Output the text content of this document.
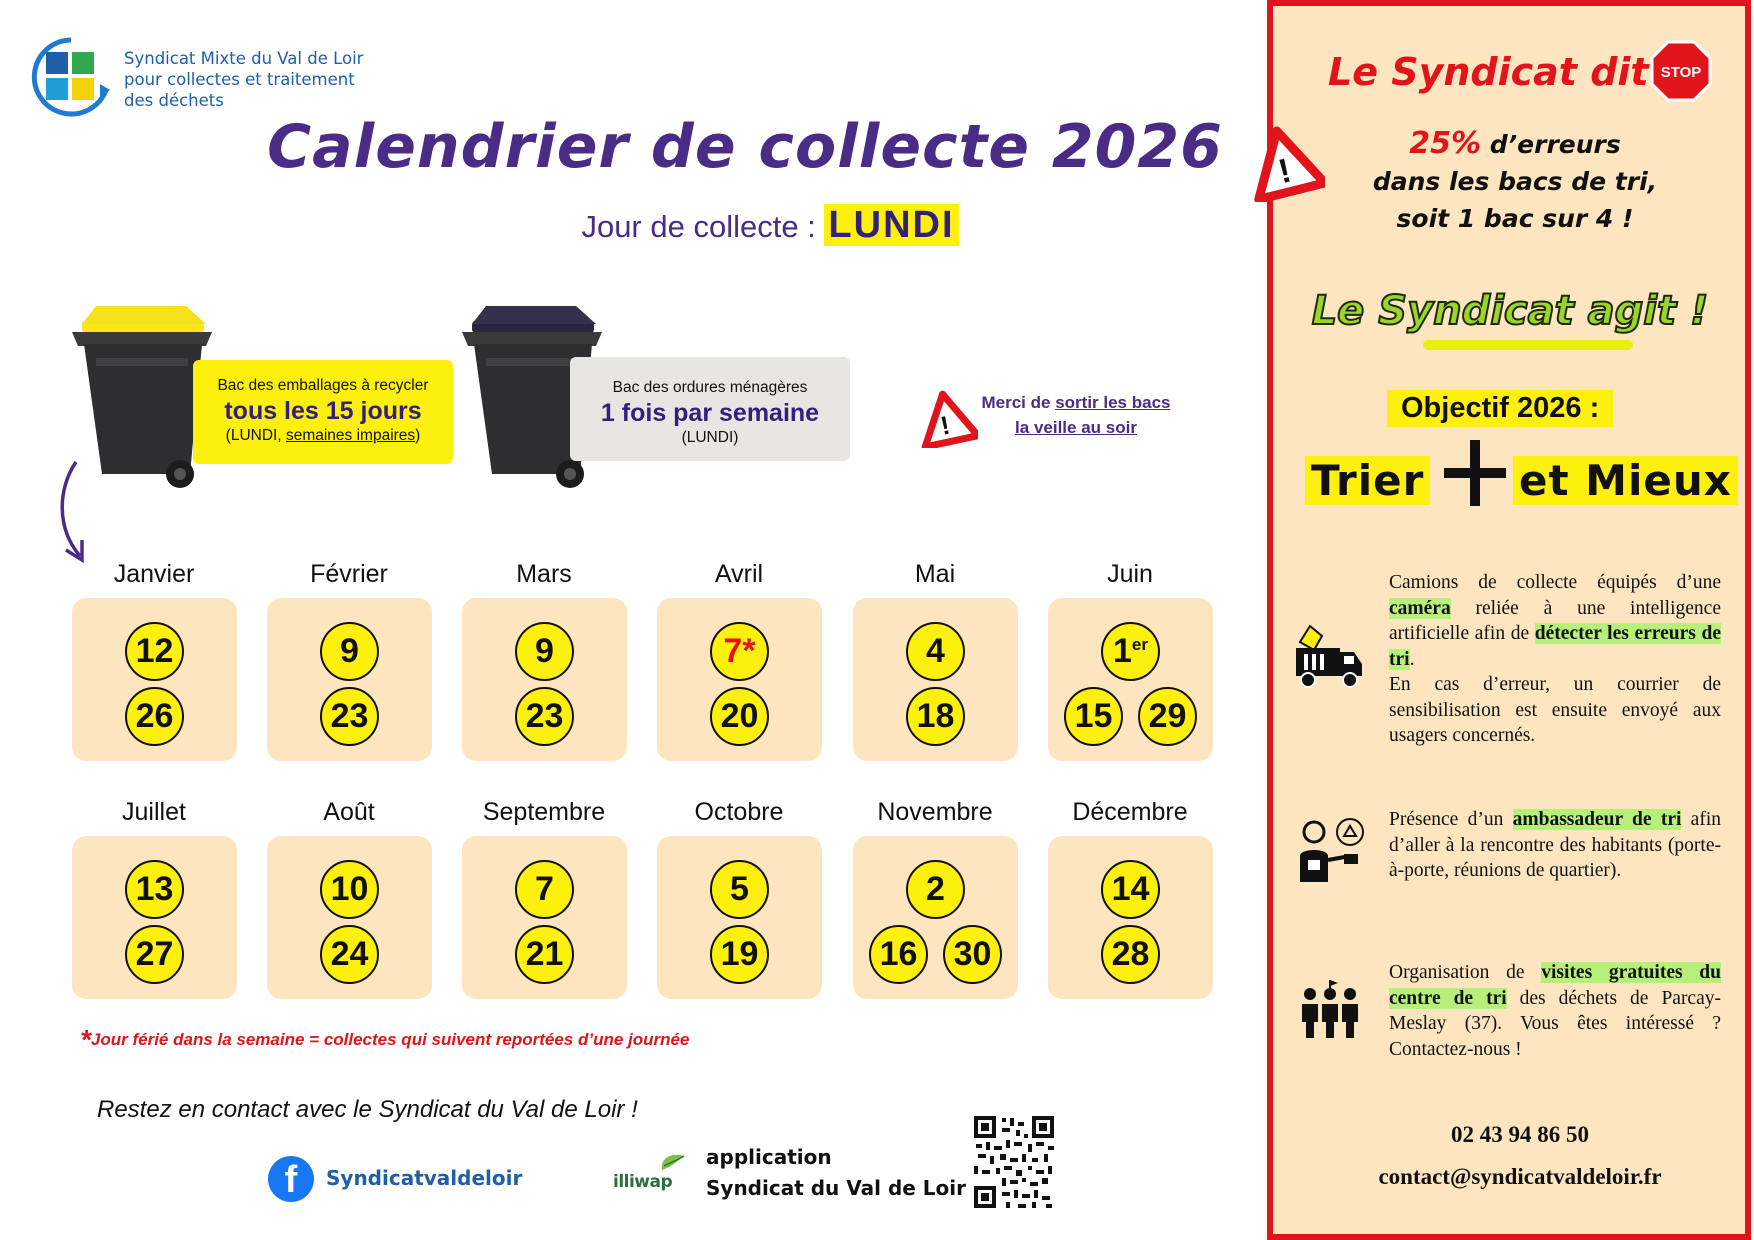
Syndicat Mixte du Val de Loir
pour collectes et traitement
des déchets
Calendrier de collecte 2026
Jour de collecte : LUNDI
Bac des emballages à recycler
tous les 15 jours
(LUNDI, semaines impaires)
Bac des ordures ménagères
1 fois par semaine
(LUNDI)	!
Merci de sortir les bacs
la veille au soir
Janvier
12
26
Février
9
23
Mars
9
23
Avril
7*
20
Mai
4
18
Juin
1er
15 29
Juillet
13
27
Août
10
24
Septembre
7
21
Octobre
5
19
Novembre
2
16 30
Décembre
14
28
*Jour férié dans la semaine = collectes qui suivent reportées d’une journée
Restez en contact avec le Syndicat du Val de Loir !
f Syndicatvaldeloir	illiwap
application
Syndicat du Val de Loir
Le Syndicat dit STOP
!
25% d’erreurs
dans les bacs de tri,
soit 1 bac sur 4 !
Le Syndicat agit !
Objectif 2026 :
Trier et Mieux
Camions de collecte équipés d’une caméra reliée à une intelligence artificielle afin de détecter les erreurs de tri.
En cas d’erreur, un courrier de sensibilisation est ensuite envoyé aux usagers concernés.
Présence d’un ambassadeur de tri afin d’aller à la rencontre des habitants (porte-à-porte, réunions de quartier).
Organisation de visites gratuites du centre de tri des déchets de Parcay-Meslay (37). Vous êtes intéressé ? Contactez-nous !
02 43 94 86 50
contact@syndicatvaldeloir.fr
